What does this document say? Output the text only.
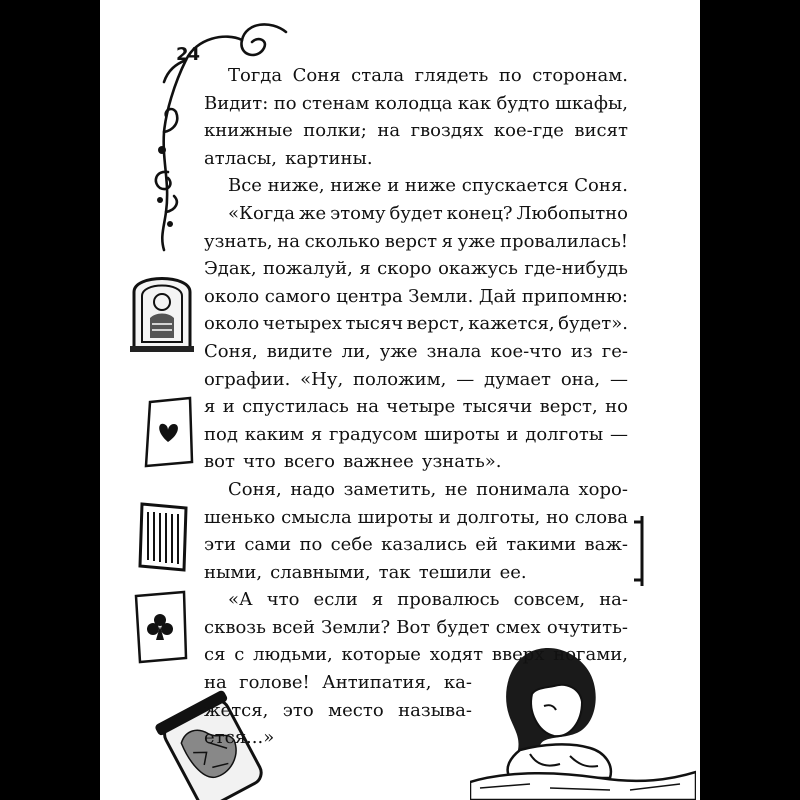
24
Тогда Соня стала глядеть по сторонам.
Видит: по стенам колодца как будто шкафы,
книжные полки; на гвоздях кое-где висят
атласы, картины.
Все ниже, ниже и ниже спускается Соня.
«Когда же этому будет конец? Любопытно
узнать, на сколько верст я уже провалилась!
Эдак, пожалуй, я скоро окажусь где-нибудь
около самого центра Земли. Дай припомню:
около четырех тысяч верст, кажется, будет».
Соня, видите ли, уже знала кое-что из ге-
ографии. «Ну, положим, — думает она, —
я и спустилась на четыре тысячи верст, но
под каким я градусом широты и долготы —
вот что всего важнее узнать».
Соня, надо заметить, не понимала хоро-
шенько смысла широты и долготы, но слова
эти сами по себе казались ей такими важ-
ными, славными, так тешили ее.
«А что если я провалюсь совсем, на-
сквозь всей Земли? Вот будет смех очутить-
ся с людьми, которые ходят вверх ногами,
на голове! Антипатия, ка-
жется, это место называ-
ется...»
